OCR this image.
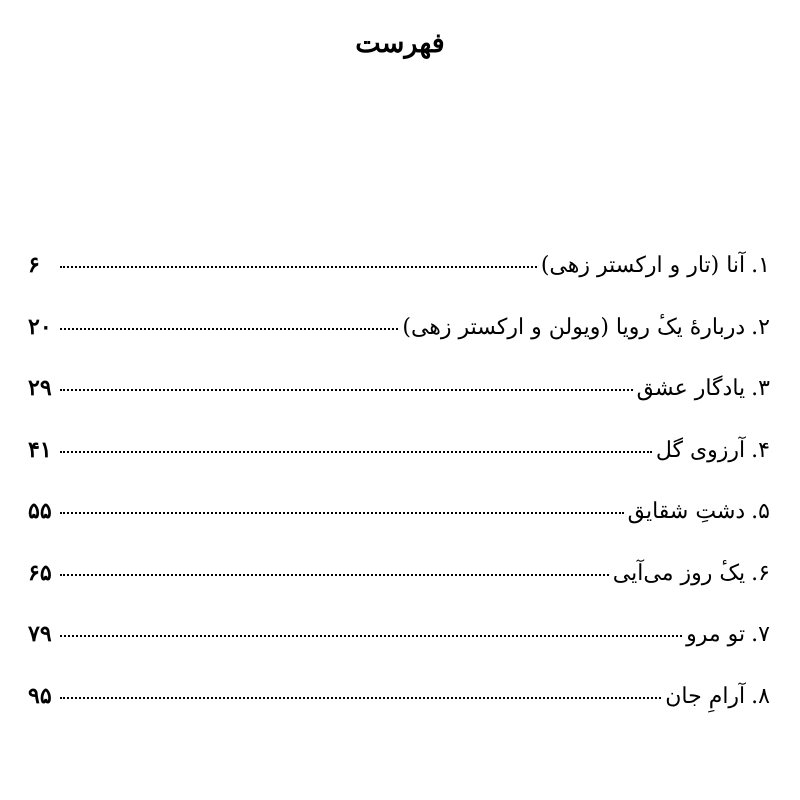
فهرست
۱.
آنا (تار و ارکستر زهی)
۶
۲.
دربارهٔ یکٔ رویا (ویولن و ارکستر زهی)
۲۰
۳.
یادگار عشق
۲۹
۴.
آرزوی گل
۴۱
۵.
دشتِ شقایق
۵۵
۶.
یکٔ روز می‌آیی
۶۵
۷.
تو مرو
۷۹
۸.
آرامِ جان
۹۵
